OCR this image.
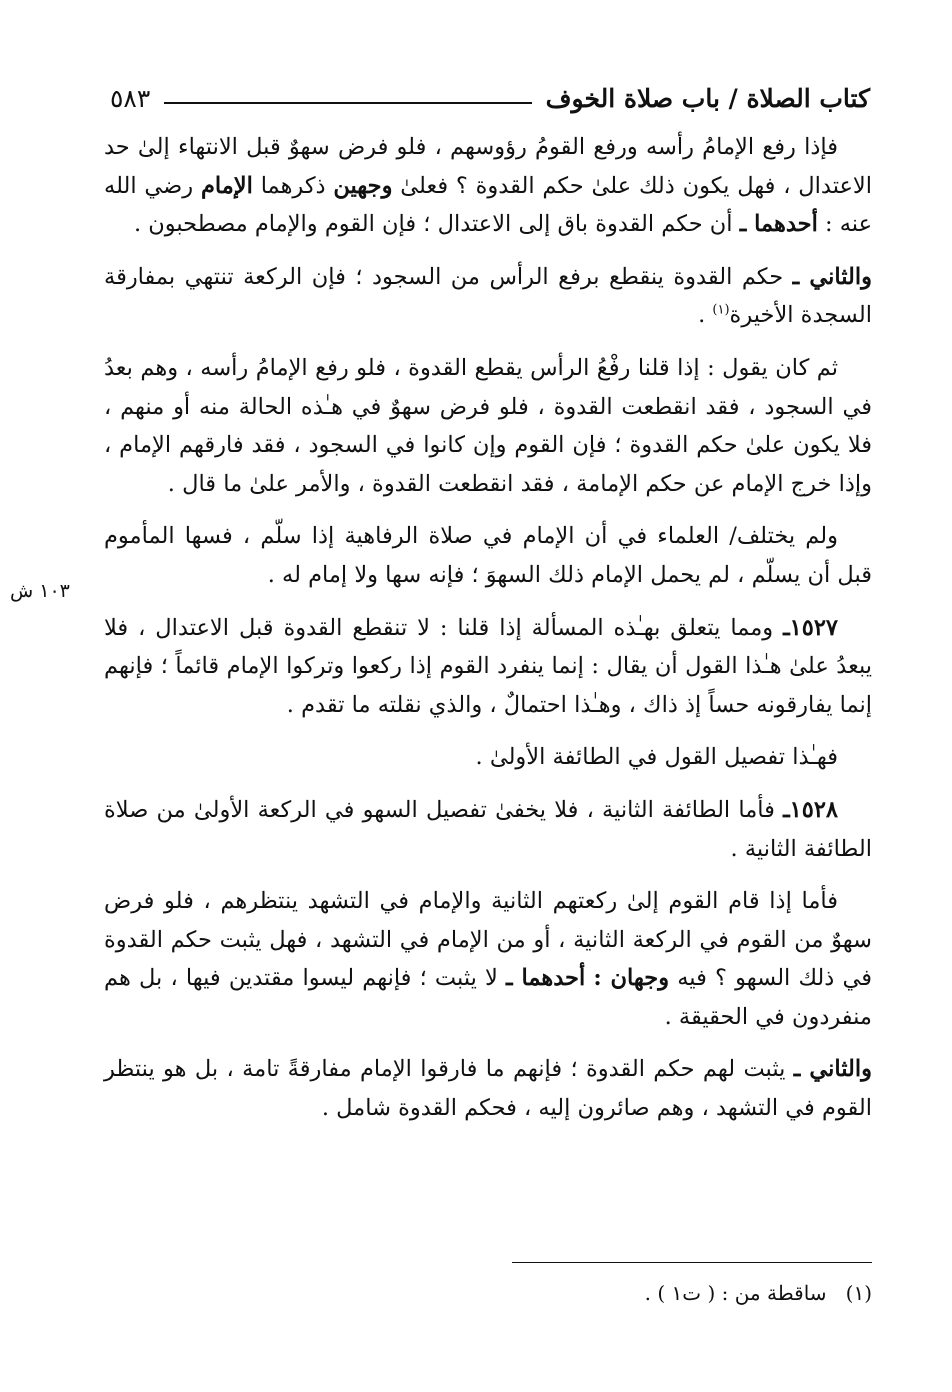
كتاب الصلاة / باب صلاة الخوف
٥٨٣

فإذا رفع الإمامُ رأسه ورفع القومُ رؤوسهم ، فلو فرض سهوٌ قبل الانتهاء إلىٰ حد الاعتدال ، فهل يكون ذلك علىٰ حكم القدوة ؟ فعلىٰ وجهين ذكرهما الإمام رضي الله عنه : أحدهما ـ أن حكم القدوة باق إلى الاعتدال ؛ فإن القوم والإمام مصطحبون .

والثاني ـ حكم القدوة ينقطع برفع الرأس من السجود ؛ فإن الركعة تنتهي بمفارقة السجدة الأخيرة$^{(١)}$ .

ثم كان يقول : إذا قلنا رفْعُ الرأس يقطع القدوة ، فلو رفع الإمامُ رأسه ، وهم بعدُ في السجود ، فقد انقطعت القدوة ، فلو فرض سهوٌ في هـٰذه الحالة منه أو منهم ، فلا يكون علىٰ حكم القدوة ؛ فإن القوم وإن كانوا في السجود ، فقد فارقهم الإمام ، وإذا خرج الإمام عن حكم الإمامة ، فقد انقطعت القدوة ، والأمر علىٰ ما قال .

ولم يختلف/ العلماء في أن الإمام في صلاة الرفاهية إذا سلّم ، فسها المأموم قبل أن يسلّم ، لم يحمل الإمام ذلك السهوَ ؛ فإنه سها ولا إمام له .

١٥٢٧ـ ومما يتعلق بهـٰذه المسألة إذا قلنا : لا تنقطع القدوة قبل الاعتدال ، فلا يبعدُ علىٰ هـٰذا القول أن يقال : إنما ينفرد القوم إذا ركعوا وتركوا الإمام قائماً ؛ فإنهم إنما يفارقونه حساً إذ ذاك ، وهـٰذا احتمالٌ ، والذي نقلته ما تقدم .

فهـٰذا تفصيل القول في الطائفة الأولىٰ .

١٥٢٨ـ فأما الطائفة الثانية ، فلا يخفىٰ تفصيل السهو في الركعة الأولىٰ من صلاة الطائفة الثانية .

فأما إذا قام القوم إلىٰ ركعتهم الثانية والإمام في التشهد ينتظرهم ، فلو فرض سهوٌ من القوم في الركعة الثانية ، أو من الإمام في التشهد ، فهل يثبت حكم القدوة في ذلك السهو ؟ فيه وجهان : أحدهما ـ لا يثبت ؛ فإنهم ليسوا مقتدين فيها ، بل هم منفردون في الحقيقة .

والثاني ـ يثبت لهم حكم القدوة ؛ فإنهم ما فارقوا الإمام مفارقةً تامة ، بل هو ينتظر القوم في التشهد ، وهم صائرون إليه ، فحكم القدوة شامل .

١٠٣ ش
(١)   ساقطة من : ( ت١ ) .
